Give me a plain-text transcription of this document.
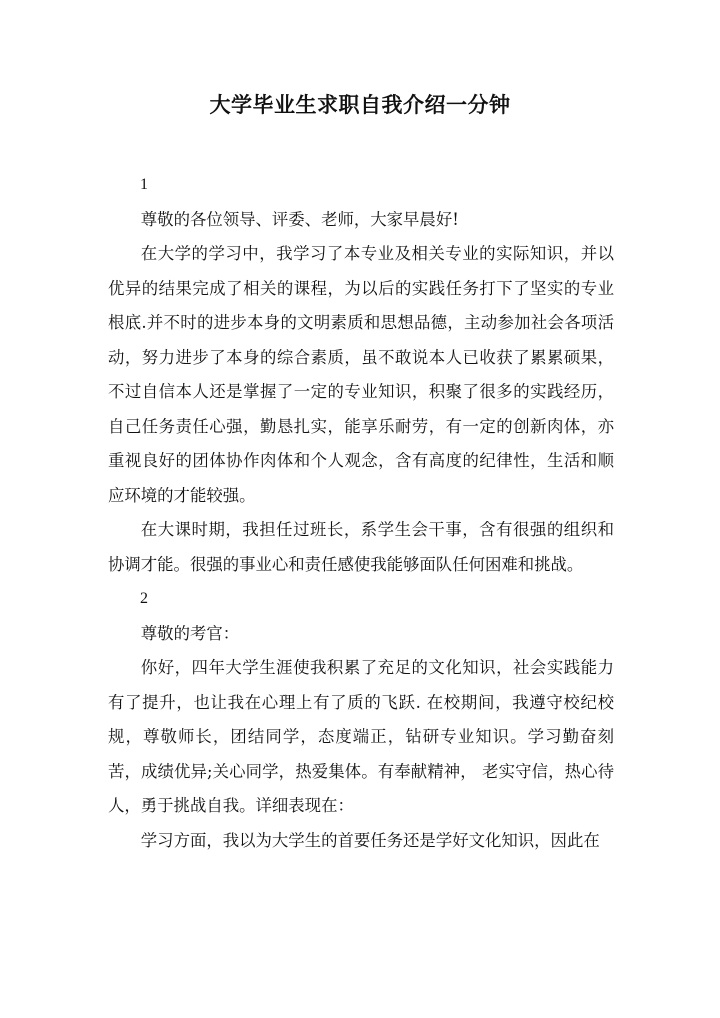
大学毕业生求职自我介绍一分钟

1

尊敬的各位领导、评委、老师，大家早晨好!

在大学的学习中，我学习了本专业及相关专业的实际知识，并以优异的结果完成了相关的课程，为以后的实践任务打下了坚实的专业根底.并不时的进步本身的文明素质和思想品德，主动参加社会各项活动，努力进步了本身的综合素质，虽不敢说本人已收获了累累硕果，不过自信本人还是掌握了一定的专业知识，积聚了很多的实践经历，自己任务责任心强，勤恳扎实，能享乐耐劳，有一定的创新肉体，亦重视良好的团体协作肉体和个人观念，含有高度的纪律性，生活和顺应环境的才能较强。

在大课时期，我担任过班长，系学生会干事，含有很强的组织和协调才能。很强的事业心和责任感使我能够面队任何困难和挑战。

2

尊敬的考官：

你好，四年大学生涯使我积累了充足的文化知识，社会实践能力有了提升，也让我在心理上有了质的飞跃. 在校期间，我遵守校纪校规，尊敬师长，团结同学，态度端正，钻研专业知识。学习勤奋刻苦，成绩优异;关心同学，热爱集体。有奉献精神， 老实守信，热心待人，勇于挑战自我。详细表现在：

学习方面，我以为大学生的首要任务还是学好文化知识，因此在
